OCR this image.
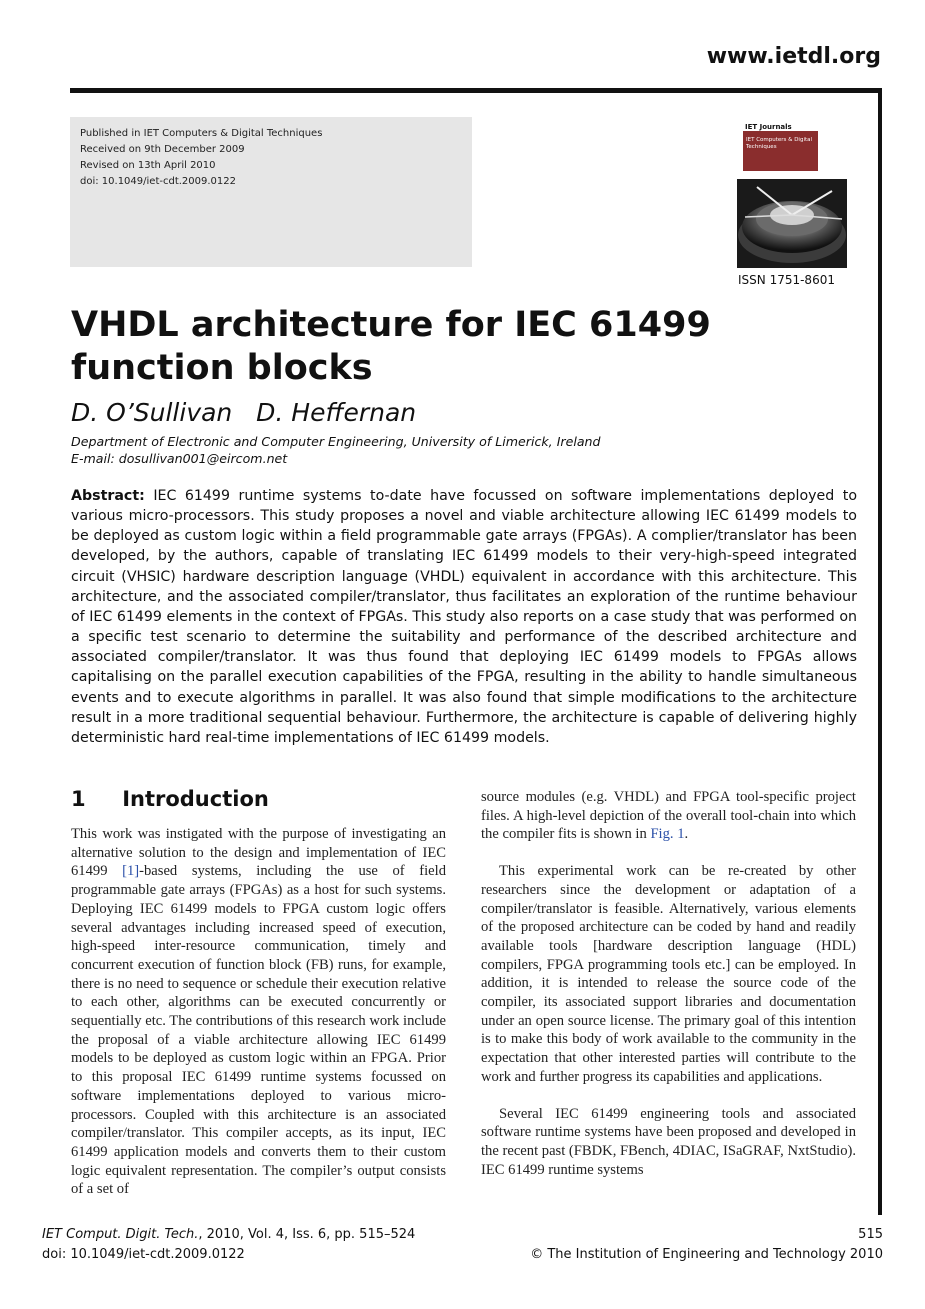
www.ietdl.org
Published in IET Computers & Digital Techniques
Received on 9th December 2009
Revised on 13th April 2010
doi: 10.1049/iet-cdt.2009.0122
IET Journals
IET Computers & Digital Techniques
ISSN 1751-8601
VHDL architecture for IEC 61499 function blocks
D. O’Sullivan   D. Heffernan
Department of Electronic and Computer Engineering, University of Limerick, Ireland
E-mail: dosullivan001@eircom.net
Abstract: IEC 61499 runtime systems to-date have focussed on software implementations deployed to various micro-processors. This study proposes a novel and viable architecture allowing IEC 61499 models to be deployed as custom logic within a field programmable gate arrays (FPGAs). A complier/translator has been developed, by the authors, capable of translating IEC 61499 models to their very-high-speed integrated circuit (VHSIC) hardware description language (VHDL) equivalent in accordance with this architecture. This architecture, and the associated compiler/translator, thus facilitates an exploration of the runtime behaviour of IEC 61499 elements in the context of FPGAs. This study also reports on a case study that was performed on a specific test scenario to determine the suitability and performance of the described architecture and associated compiler/translator. It was thus found that deploying IEC 61499 models to FPGAs allows capitalising on the parallel execution capabilities of the FPGA, resulting in the ability to handle simultaneous events and to execute algorithms in parallel. It was also found that simple modifications to the architecture result in a more traditional sequential behaviour. Furthermore, the architecture is capable of delivering highly deterministic hard real-time implementations of IEC 61499 models.
1 Introduction

This work was instigated with the purpose of investigating an alternative solution to the design and implementation of IEC 61499 [1]-based systems, including the use of field programmable gate arrays (FPGAs) as a host for such systems. Deploying IEC 61499 models to FPGA custom logic offers several advantages including increased speed of execution, high-speed inter-resource communication, timely and concurrent execution of function block (FB) runs, for example, there is no need to sequence or schedule their execution relative to each other, algorithms can be executed concurrently or sequentially etc. The contributions of this research work include the proposal of a viable architecture allowing IEC 61499 models to be deployed as custom logic within an FPGA. Prior to this proposal IEC 61499 runtime systems focussed on software implementations deployed to various micro-processors. Coupled with this architecture is an associated compiler/translator. This compiler accepts, as its input, IEC 61499 application models and converts them to their custom logic equivalent representation. The compiler’s output consists of a set of

source modules (e.g. VHDL) and FPGA tool-specific project files. A high-level depiction of the overall tool-chain into which the compiler fits is shown in Fig. 1.

This experimental work can be re-created by other researchers since the development or adaptation of a compiler/translator is feasible. Alternatively, various elements of the proposed architecture can be coded by hand and readily available tools [hardware description language (HDL) compilers, FPGA programming tools etc.] can be employed. In addition, it is intended to release the source code of the compiler, its associated support libraries and documentation under an open source license. The primary goal of this intention is to make this body of work available to the community in the expectation that other interested parties will contribute to the work and further progress its capabilities and applications.

Several IEC 61499 engineering tools and associated software runtime systems have been proposed and developed in the recent past (FBDK, FBench, 4DIAC, ISaGRAF, NxtStudio). IEC 61499 runtime systems

IET Comput. Digit. Tech., 2010, Vol. 4, Iss. 6, pp. 515–524
doi: 10.1049/iet-cdt.2009.0122
515
© The Institution of Engineering and Technology 2010
